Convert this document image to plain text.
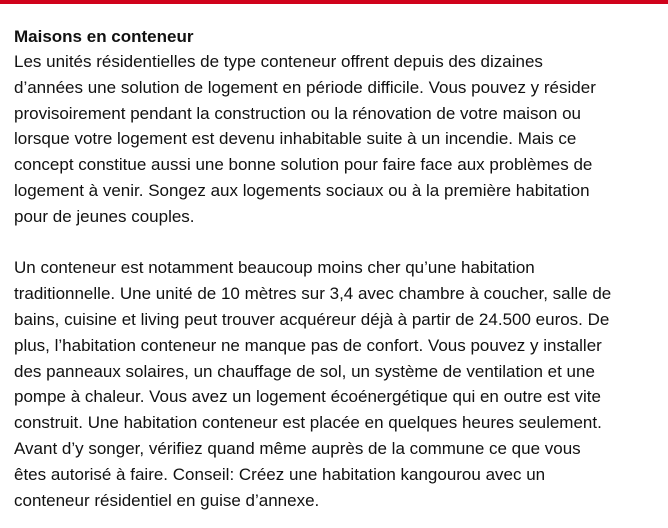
Maisons en conteneur
Les unités résidentielles de type conteneur offrent depuis des dizaines
d’années une solution de logement en période difficile. Vous pouvez y résider
provisoirement pendant la construction ou la rénovation de votre maison ou
lorsque votre logement est devenu inhabitable suite à un incendie. Mais ce
concept constitue aussi une bonne solution pour faire face aux problèmes de
logement à venir. Songez aux logements sociaux ou à la première habitation
pour de jeunes couples.
Un conteneur est notamment beaucoup moins cher qu’une habitation
traditionnelle. Une unité de 10 mètres sur 3,4 avec chambre à coucher, salle de
bains, cuisine et living peut trouver acquéreur déjà à partir de 24.500 euros. De
plus, l’habitation conteneur ne manque pas de confort. Vous pouvez y installer
des panneaux solaires, un chauffage de sol, un système de ventilation et une
pompe à chaleur. Vous avez un logement écoénergétique qui en outre est vite
construit. Une habitation conteneur est placée en quelques heures seulement.
Avant d’y songer, vérifiez quand même auprès de la commune ce que vous
êtes autorisé à faire. Conseil: Créez une habitation kangourou avec un
conteneur résidentiel en guise d’annexe.
